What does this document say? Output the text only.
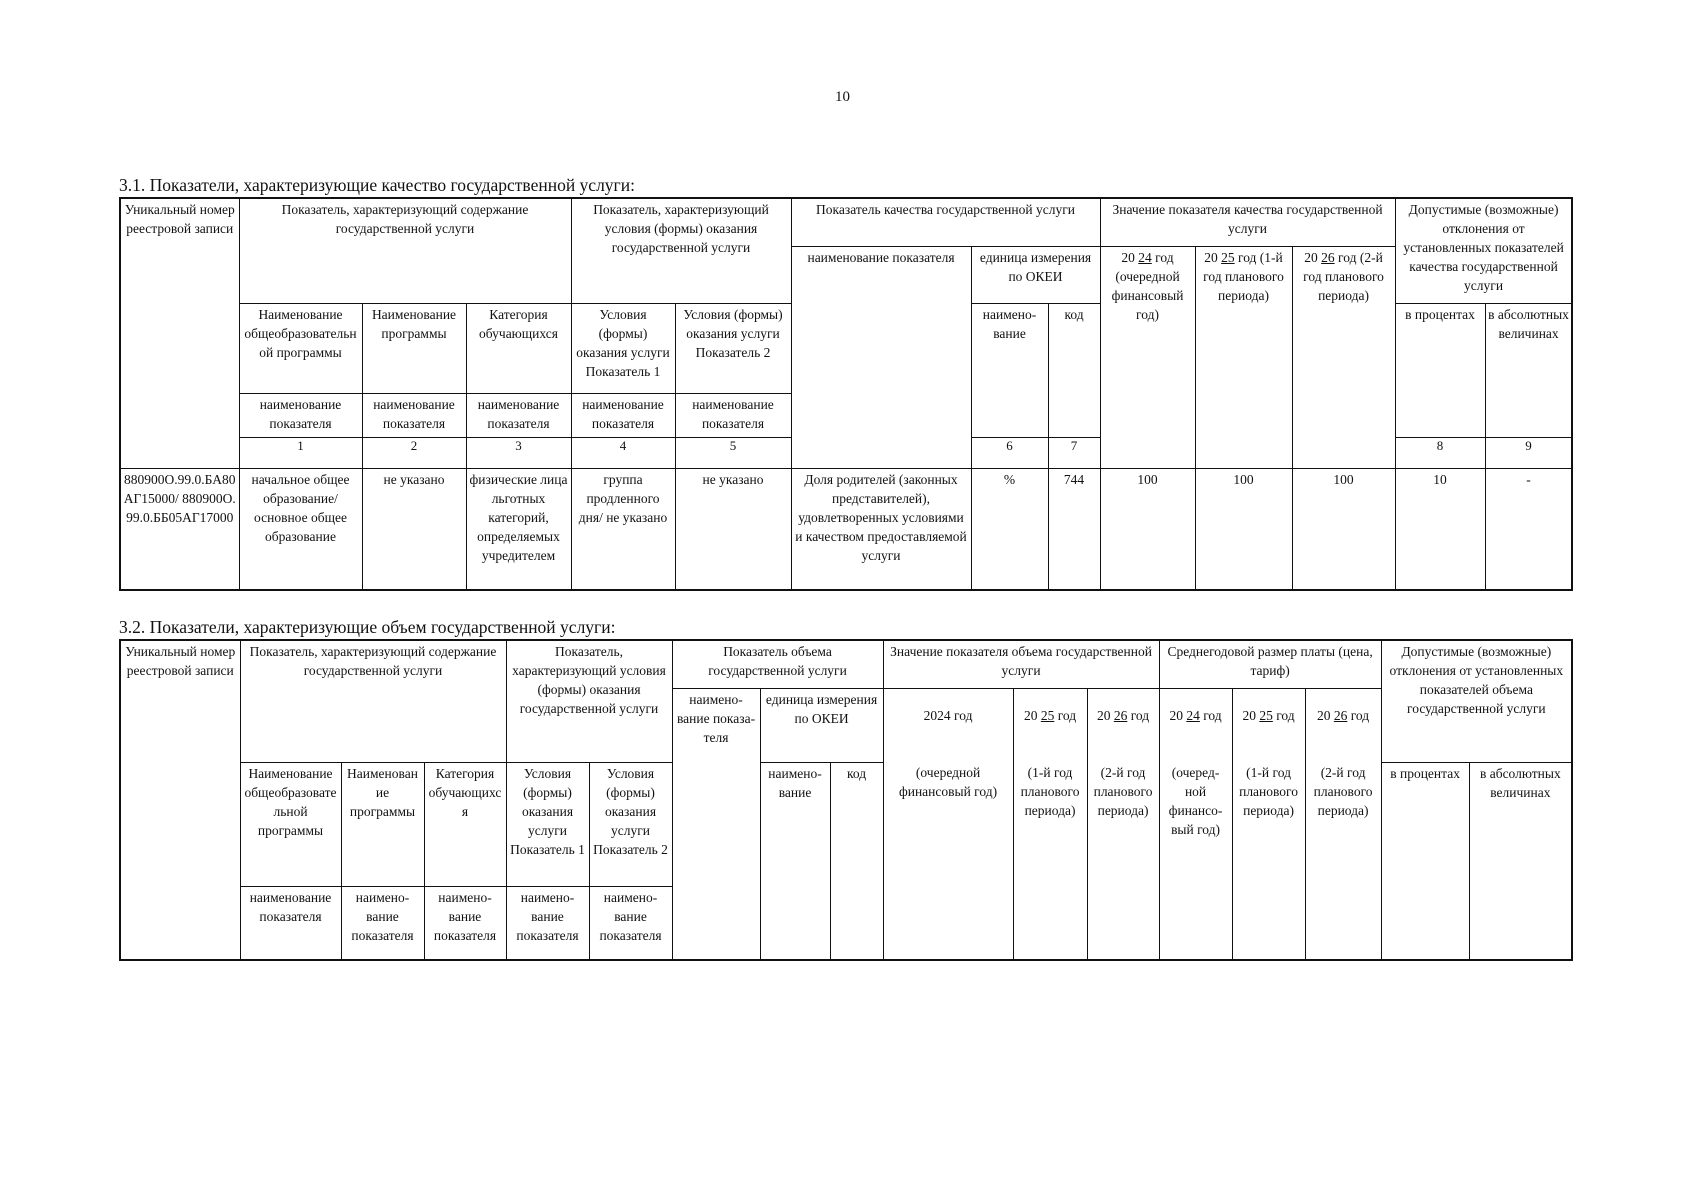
10
3.1. Показатели, характеризующие качество государственной услуги:
Уникальный номер реестровой записи	Показатель, характеризующий содержание государственной услуги			Показатель, характеризующий условия (формы) оказания государственной услуги		Показатель качества государственной услуги			Значение показателя качества государственной услуги			Допустимые (возможные) отклонения от установленных показателей качества государственной услуги		
						наименование показателя	единица измерения по ОКЕИ		20 24 год (очередной финансовый год)	20 25 год (1-й год планового периода)	20 26 год (2-й год планового периода)			
	Наименование общеобразовательной программы	Наименование программы	Категория обучающихся	Условия (формы) оказания услуги Показатель 1	Условия (формы) оказания услуги Показатель 2		наимено- вание	код				в процентах	в абсолютных величинах	
	наименование показателя	наименование показателя	наименование показателя	наименование показателя	наименование показателя									
	1	2	3	4	5		6	7				8	9					
880900О.99.0.БА80АГ15000/ 880900О.99.0.ББ05АГ17000	начальное общее образование/ основное общее образование	не указано	физические лица льготных категорий, определяемых учредителем	группа продленного дня/ не указано	не указано	Доля родителей (законных представителей), удовлетворенных условиями и качеством предоставляемой услуги	%	744	100	100	100	10	-	
3.2. Показатели, характеризующие объем государственной услуги:
Уникальный номер реестровой записи	Показатель, характеризующий содержание государственной услуги			Показатель, характеризующий условия (формы) оказания государственной услуги		Показатель объема государственной услуги			Значение показателя объема государственной услуги			Среднегодовой размер платы (цена, тариф)			Допустимые (возможные) отклонения от установленных показателей объема государственной услуги	
						наимено- вание показа- теля	единица измерения по ОКЕИ		2024 год	20 25 год	20 26 год	20 24 год	20 25 год	20 26 год		
	Наименование общеобразовательной программы	Наименование программы	Категория обучающихся	Условия (формы) оказания услуги Показатель 1	Условия (формы) оказания услуги Показатель 2		наимено- вание	код	(очередной финансовый год)	(1-й год планового периода)	(2-й год планового периода)	(очеред- ной финансо- вый год)	(1-й год планового периода)	(2-й год планового периода)	в процентах	в абсолютных величинах
	наименование показателя	наимено- вание показателя	наимено- вание показателя	наимено- вание показателя	наимено- вание показателя											
